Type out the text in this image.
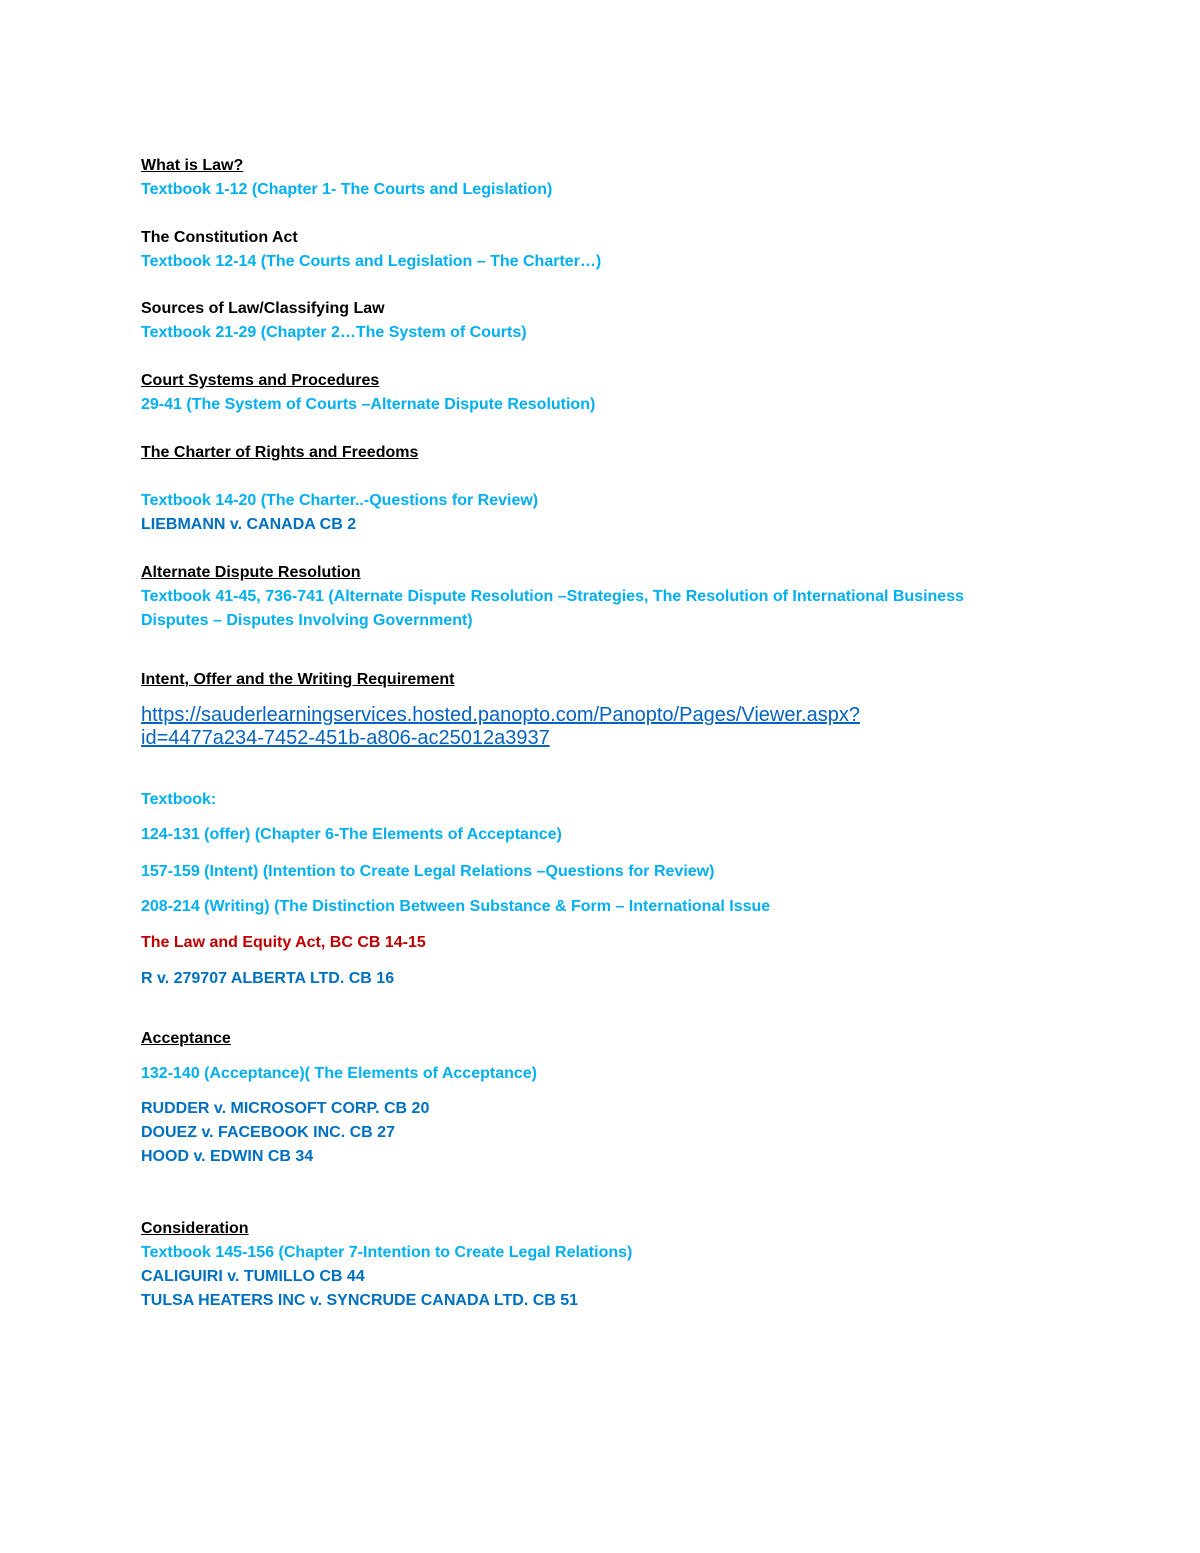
What is Law?
Textbook 1-12 (Chapter 1- The Courts and Legislation)
The Constitution Act
Textbook 12-14 (The Courts and Legislation – The Charter…)
Sources of Law/Classifying Law
Textbook 21-29 (Chapter 2…The System of Courts)
Court Systems and Procedures
29-41 (The System of Courts –Alternate Dispute Resolution)
The Charter of Rights and Freedoms
Textbook 14-20 (The Charter..-Questions for Review)
LIEBMANN v. CANADA CB 2
Alternate Dispute Resolution
Textbook 41-45, 736-741 (Alternate Dispute Resolution –Strategies, The Resolution of International Business
Disputes – Disputes Involving Government)
Intent, Offer and the Writing Requirement
https://sauderlearningservices.hosted.panopto.com/Panopto/Pages/Viewer.aspx?
id=4477a234-7452-451b-a806-ac25012a3937
Textbook:
124-131 (offer) (Chapter 6-The Elements of Acceptance)
157-159 (Intent) (Intention to Create Legal Relations –Questions for Review)
208-214 (Writing) (The Distinction Between Substance & Form – International Issue
The Law and Equity Act, BC CB 14-15
R v. 279707 ALBERTA LTD. CB 16
Acceptance
132-140 (Acceptance)( The Elements of Acceptance)
RUDDER v. MICROSOFT CORP. CB 20
DOUEZ v. FACEBOOK INC. CB 27
HOOD v. EDWIN CB 34
Consideration
Textbook 145-156 (Chapter 7-Intention to Create Legal Relations)
CALIGUIRI v. TUMILLO CB 44
TULSA HEATERS INC v. SYNCRUDE CANADA LTD. CB 51
